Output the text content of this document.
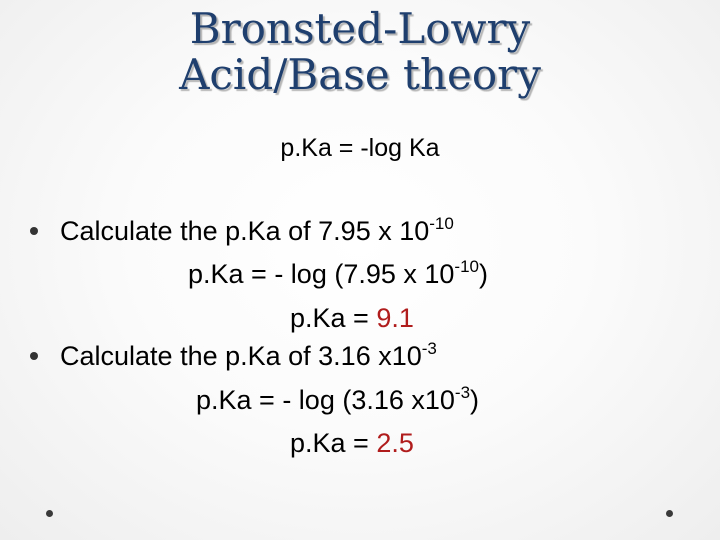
Bronsted-Lowry
Acid/Base theory
p.Ka = -log Ka
Calculate the p.Ka of 7.95 x $10^{-10}$
p.Ka = - log (7.95 x $10^{-10}$)
p.Ka = 9.1
Calculate the p.Ka of 3.16 $x10^{-3}$
p.Ka = - log (3.16 $x10^{-3}$)
p.Ka = 2.5
